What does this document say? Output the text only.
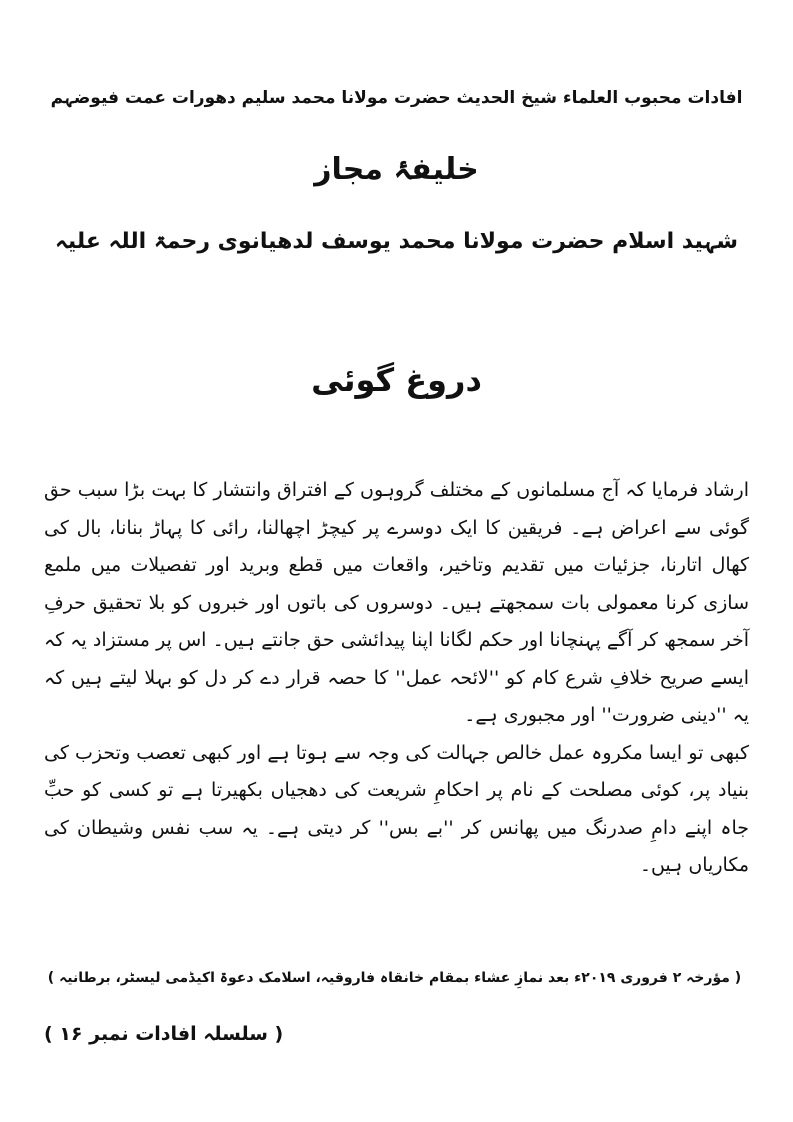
افادات محبوب العلماء شیخ الحدیث حضرت مولانا محمد سلیم دھورات عمت فیوضہم
خلیفۂ مجاز
شہید اسلام حضرت مولانا محمد یوسف لدھیانوی رحمۃ اللہ علیہ
دروغ گوئی

ارشاد فرمایا کہ آج مسلمانوں کے مختلف گروہوں کے افتراق وانتشار کا بہت بڑا سبب حق گوئی سے اعراض ہے۔ فریقین کا ایک دوسرے پر کیچڑ اچھالنا، رائی کا پہاڑ بنانا، بال کی کھال اتارنا، جزئیات میں تقدیم وتاخیر، واقعات میں قطع وبرید اور تفصیلات میں ملمع سازی کرنا معمولی بات سمجھتے ہیں۔ دوسروں کی باتوں اور خبروں کو بلا تحقیق حرفِ آخر سمجھ کر آگے پہنچانا اور حکم لگانا اپنا پیدائشی حق جانتے ہیں۔ اس پر مستزاد یہ کہ ایسے صریح خلافِ شرع کام کو ''لائحہ عمل'' کا حصہ قرار دے کر دل کو بہلا لیتے ہیں کہ یہ ''دینی ضرورت'' اور مجبوری ہے۔

کبھی تو ایسا مکروہ عمل خالص جہالت کی وجہ سے ہوتا ہے اور کبھی تعصب وتحزب کی بنیاد پر، کوئی مصلحت کے نام پر احکامِ شریعت کی دھجیاں بکھیرتا ہے تو کسی کو حبِّ جاہ اپنے دامِ صدرنگ میں پھانس کر ''بے بس'' کر دیتی ہے۔ یہ سب نفس وشیطان کی مکاریاں ہیں۔

( مؤرخہ ۲ فروری ۲۰۱۹ء بعد نمازِ عشاء بمقام خانقاہ فاروقیہ، اسلامک دعوۃ اکیڈمی لیسٹر، برطانیہ )
( سلسلہ افادات نمبر ۱۶ )
